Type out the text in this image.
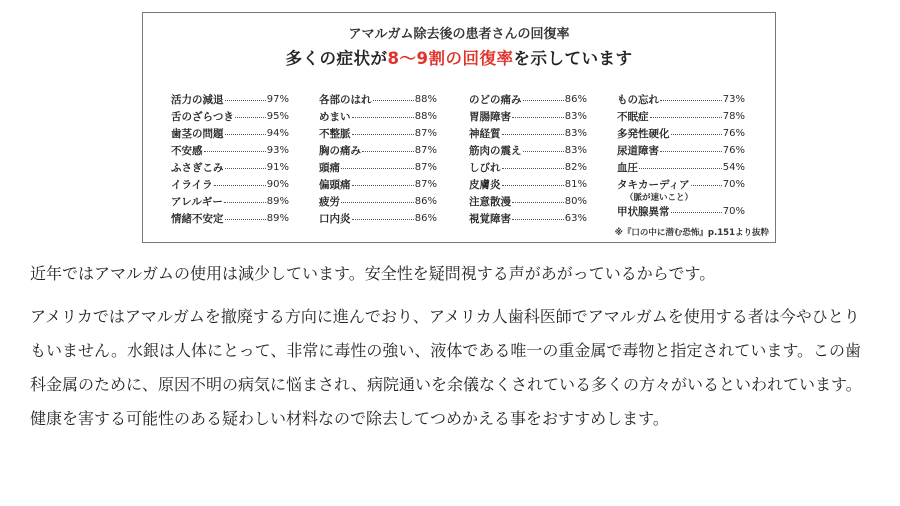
アマルガム除去後の患者さんの回復率
多くの症状が8〜9割の回復率を示しています
活力の減退	97%
舌のざらつき	95%
歯茎の問題	94%
不安感	93%
ふさぎこみ	91%
イライラ	90%
アレルギー	89%
情緒不安定	89%
各部のはれ	88%
めまい	88%
不整脈	87%
胸の痛み	87%
頭痛	87%
偏頭痛	87%
疲労	86%
口内炎	86%
のどの痛み	86%
胃腸障害	83%
神経質	83%
筋肉の震え	83%
しびれ	82%
皮膚炎	81%
注意散漫	80%
視覚障害	63%
もの忘れ	73%
不眠症	78%
多発性硬化	76%
尿道障害	76%
血圧	54%
タキカーディア	70%
（脈が速いこと）
甲状腺異常	70%
※『口の中に潜む恐怖』p.151より抜粋

近年ではアマルガムの使用は減少しています。安全性を疑問視する声があがっているからです。

アメリカではアマルガムを撤廃する方向に進んでおり、アメリカ人歯科医師でアマルガムを使用する者は今やひとりもいません。水銀は人体にとって、非常に毒性の強い、液体である唯一の重金属で毒物と指定されています。この歯科金属のために、原因不明の病気に悩まされ、病院通いを余儀なくされている多くの方々がいるといわれています。健康を害する可能性のある疑わしい材料なので除去してつめかえる事をおすすめします。
